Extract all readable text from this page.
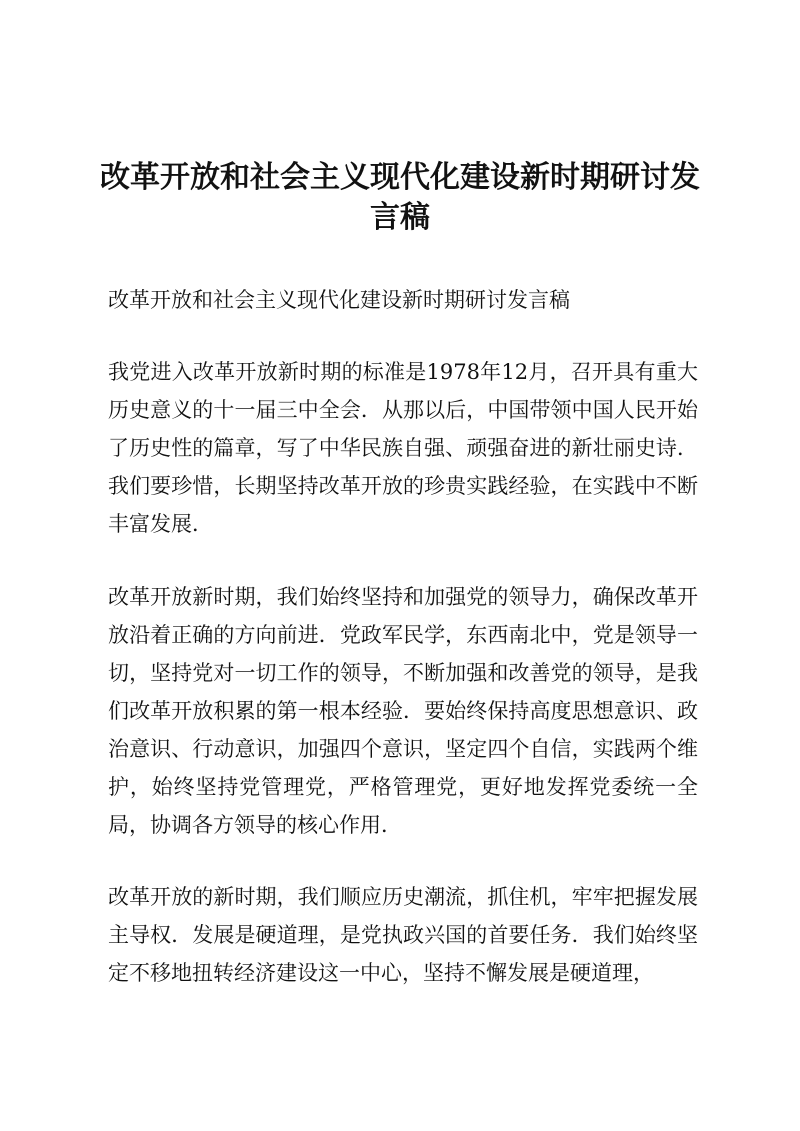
改革开放和社会主义现代化建设新时期研讨发言稿

改革开放和社会主义现代化建设新时期研讨发言稿

我党进入改革开放新时期的标准是1978年12月，召开具有重大历史意义的十一届三中全会．从那以后，中国带领中国人民开始了历史性的篇章，写了中华民族自强、顽强奋进的新壮丽史诗．我们要珍惜，长期坚持改革开放的珍贵实践经验，在实践中不断丰富发展．

改革开放新时期，我们始终坚持和加强党的领导力，确保改革开放沿着正确的方向前进．党政军民学，东西南北中，党是领导一切，坚持党对一切工作的领导，不断加强和改善党的领导，是我们改革开放积累的第一根本经验．要始终保持高度思想意识、政治意识、行动意识，加强四个意识，坚定四个自信，实践两个维护，始终坚持党管理党，严格管理党，更好地发挥党委统一全局，协调各方领导的核心作用．

改革开放的新时期，我们顺应历史潮流，抓住机，牢牢把握发展主导权．发展是硬道理，是党执政兴国的首要任务．我们始终坚定不移地扭转经济建设这一中心，坚持不懈发展是硬道理，
